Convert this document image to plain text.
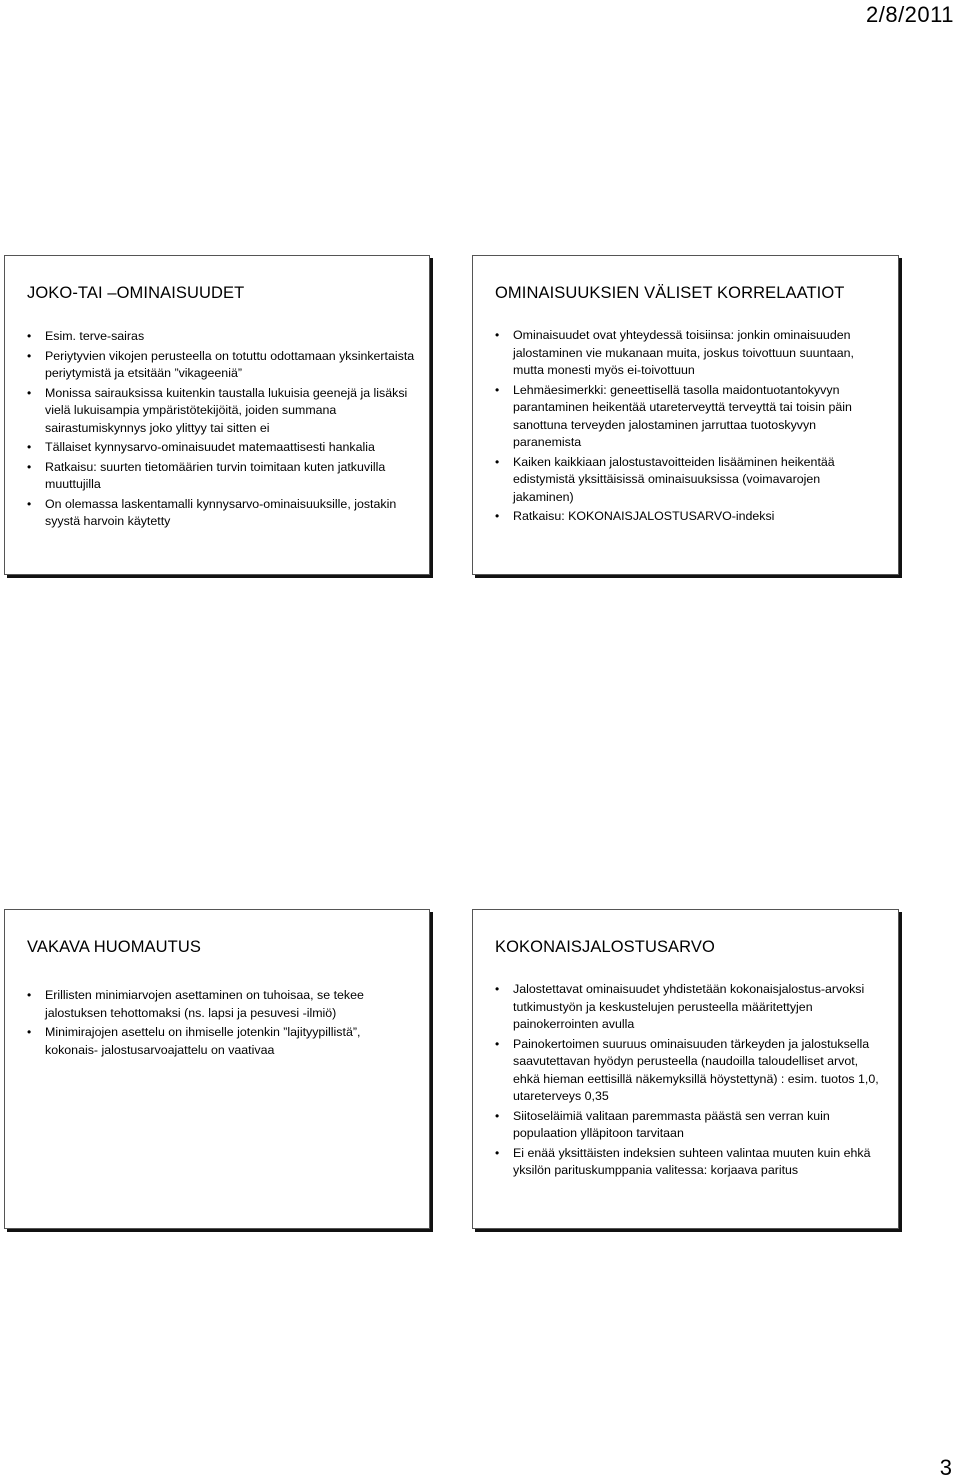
2/8/2011
JOKO-TAI –OMINAISUUDET
• Esim. terve-sairas
• Periytyvien vikojen perusteella on totuttu odottamaan yksinkertaista periytymistä ja etsitään ”vikageeniä”
• Monissa sairauksissa kuitenkin taustalla lukuisia geenejä ja lisäksi vielä lukuisampia ympäristötekijöitä, joiden summana sairastumiskynnys joko ylittyy tai sitten ei
• Tällaiset kynnysarvo-ominaisuudet matemaattisesti hankalia
• Ratkaisu: suurten tietomäärien turvin toimitaan kuten jatkuvilla muuttujilla
• On olemassa laskentamalli kynnysarvo-ominaisuuksille, jostakin syystä harvoin käytetty
OMINAISUUKSIEN VÄLISET KORRELAATIOT
• Ominaisuudet ovat yhteydessä toisiinsa: jonkin ominaisuuden jalostaminen vie mukanaan muita, joskus toivottuun suuntaan, mutta monesti myös ei-toivottuun
• Lehmäesimerkki: geneettisellä tasolla maidontuotantokyvyn parantaminen heikentää utareterveyttä terveyttä tai toisin päin sanottuna terveyden jalostaminen jarruttaa tuotoskyvyn paranemista
• Kaiken kaikkiaan jalostustavoitteiden lisääminen heikentää edistymistä yksittäisissä ominaisuuksissa (voimavarojen jakaminen)
• Ratkaisu: KOKONAISJALOSTUSARVO-indeksi
VAKAVA HUOMAUTUS
• Erillisten minimiarvojen asettaminen on tuhoisaa, se tekee jalostuksen tehottomaksi (ns. lapsi ja pesuvesi -ilmiö)
• Minimirajojen asettelu on ihmiselle jotenkin ”lajityypillistä”, kokonais- jalostusarvoajattelu on vaativaa
KOKONAISJALOSTUSARVO
• Jalostettavat ominaisuudet yhdistetään kokonaisjalostus-arvoksi tutkimustyön ja keskustelujen perusteella määritettyjen painokerrointen avulla
• Painokertoimen suuruus ominaisuuden tärkeyden ja jalostuksella saavutettavan hyödyn perusteella (naudoilla taloudelliset arvot, ehkä hieman eettisillä näkemyksillä höystettynä) : esim. tuotos 1,0, utareterveys 0,35
• Siitoseläimiä valitaan paremmasta päästä sen verran kuin populaation ylläpitoon tarvitaan
• Ei enää yksittäisten indeksien suhteen valintaa muuten kuin ehkä yksilön parituskumppania valitessa: korjaava paritus
3
